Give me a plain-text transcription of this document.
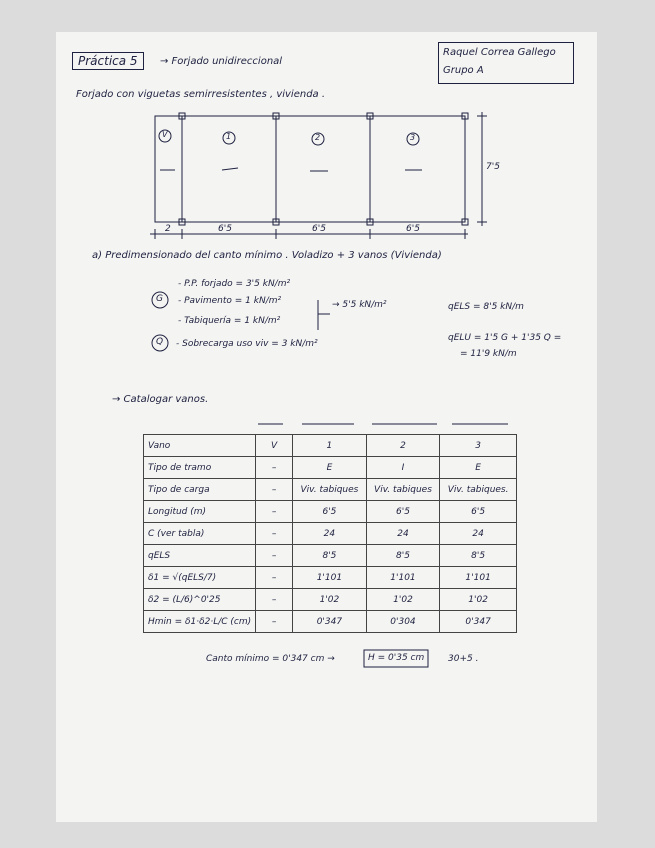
Práctica 5	→ Forjado unidireccional
Raquel Correa Gallego
Grupo A
Forjado con viguetas semirresistentes , vivienda .
V	1	2	3
2	6'5	6'5	6'5
7'5
a) Predimensionado del canto mínimo . Voladizo + 3 vanos (Vivienda)
G
Q
- P.P. forjado = 3'5 kN/m²
- Pavimento = 1 kN/m²
- Tabiquería = 1 kN/m²
→ 5'5 kN/m²
- Sobrecarga uso viv = 3 kN/m²
qELS = 8'5 kN/m
qELU = 1'5 G + 1'35 Q =
= 11'9 kN/m
→ Catalogar vanos.
Vano	V	1	2	3
Tipo de tramo	–	E	I	E
Tipo de carga	–	Viv. tabiques	Viv. tabiques	Viv. tabiques.
Longitud (m)	–	6'5	6'5	6'5
C (ver tabla)	–	24	24	24
qELS	–	8'5	8'5	8'5
δ1 = √(qELS/7)	–	1'101	1'101	1'101
δ2 = (L/6)^0'25	–	1'02	1'02	1'02
Hmin = δ1·δ2·L/C (cm)	–	0'347	0'304	0'347
Canto mínimo = 0'347 cm →	H = 0'35 cm	30+5 .
